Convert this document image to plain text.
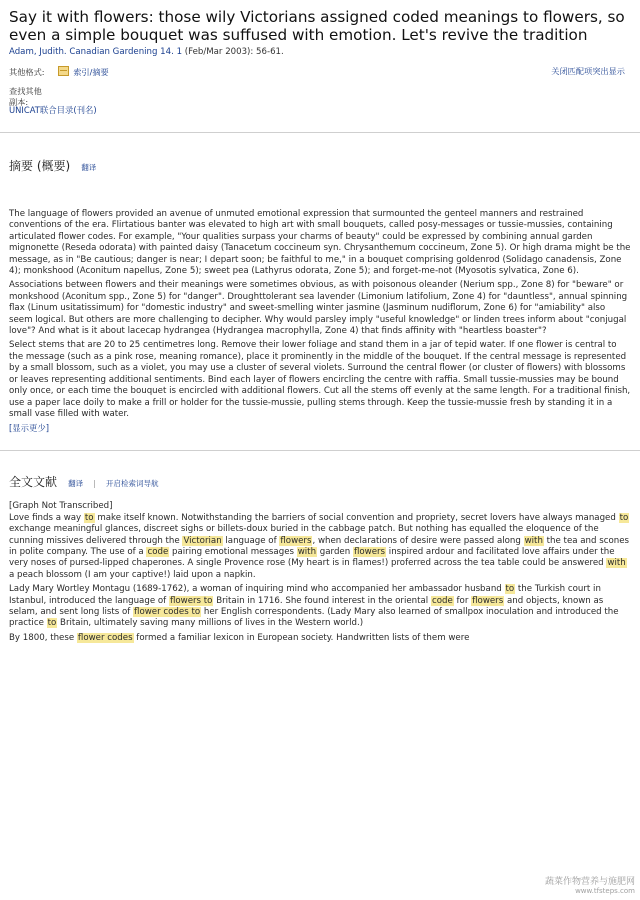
Say it with flowers: those wily Victorians assigned coded meanings to flowers, so even a simple bouquet was suffused with emotion. Let's revive the tradition
Adam, Judith. Canadian Gardening 14. 1 (Feb/Mar 2003): 56-61.
其他格式:	索引/摘要	关闭匹配项突出显示
查找其他副本:
UNICAT联合目录(刊名)
摘要 (概要) 翻译

The language of flowers provided an avenue of unmuted emotional expression that surmounted the genteel manners and restrained conventions of the era. Flirtatious banter was elevated to high art with small bouquets, called posy-messages or tussie-mussies, containing articulated flower codes. For example, "Your qualities surpass your charms of beauty" could be expressed by combining annual garden mignonette (Reseda odorata) with painted daisy (Tanacetum coccineum syn. Chrysanthemum coccineum, Zone 5). Or high drama might be the message, as in "Be cautious; danger is near; I depart soon; be faithful to me," in a bouquet comprising goldenrod (Solidago canadensis, Zone 4); monkshood (Aconitum napellus, Zone 5); sweet pea (Lathyrus odorata, Zone 5); and forget-me-not (Myosotis sylvatica, Zone 6).

Associations between flowers and their meanings were sometimes obvious, as with poisonous oleander (Nerium spp., Zone 8) for "beware" or monkshood (Aconitum spp., Zone 5) for "danger". Droughttolerant sea lavender (Limonium latifolium, Zone 4) for "dauntless", annual spinning flax (Linum usitatissimum) for "domestic industry" and sweet-smelling winter jasmine (Jasminum nudiflorum, Zone 6) for "amiability" also seem logical. But others are more challenging to decipher. Why would parsley imply "useful knowledge" or linden trees inform about "conjugal love"? And what is it about lacecap hydrangea (Hydrangea macrophylla, Zone 4) that finds affinity with "heartless boaster"?

Select stems that are 20 to 25 centimetres long. Remove their lower foliage and stand them in a jar of tepid water. If one flower is central to the message (such as a pink rose, meaning romance), place it prominently in the middle of the bouquet. If the central message is represented by a small blossom, such as a violet, you may use a cluster of several violets. Surround the central flower (or cluster of flowers) with blossoms or leaves representing additional sentiments. Bind each layer of flowers encircling the centre with raffia. Small tussie-mussies may be bound only once, or each time the bouquet is encircled with additional flowers. Cut all the stems off evenly at the same length. For a traditional finish, use a paper lace doily to make a frill or holder for the tussie-mussie, pulling stems through. Keep the tussie-mussie fresh by standing it in a small vase filled with water.

[显示更少]
全文文献 翻译 | 开启检索词导航

[Graph Not Transcribed]

Love finds a way to make itself known. Notwithstanding the barriers of social convention and propriety, secret lovers have always managed to exchange meaningful glances, discreet sighs or billets-doux buried in the cabbage patch. But nothing has equalled the eloquence of the cunning missives delivered through the Victorian language of flowers, when declarations of desire were passed along with the tea and scones in polite company. The use of a code pairing emotional messages with garden flowers inspired ardour and facilitated love affairs under the very noses of pursed-lipped chaperones. A single Provence rose (My heart is in flames!) proferred across the tea table could be answered with a peach blossom (I am your captive!) laid upon a napkin.

Lady Mary Wortley Montagu (1689-1762), a woman of inquiring mind who accompanied her ambassador husband to the Turkish court in Istanbul, introduced the language of flowers to Britain in 1716. She found interest in the oriental code for flowers and objects, known as selam, and sent long lists of flower codes to her English correspondents. (Lady Mary also learned of smallpox inoculation and introduced the practice to Britain, ultimately saving many millions of lives in the Western world.)

By 1800, these flower codes formed a familiar lexicon in European society. Handwritten lists of them were

蔬菜作物营养与施肥网
www.tfsteps.com
